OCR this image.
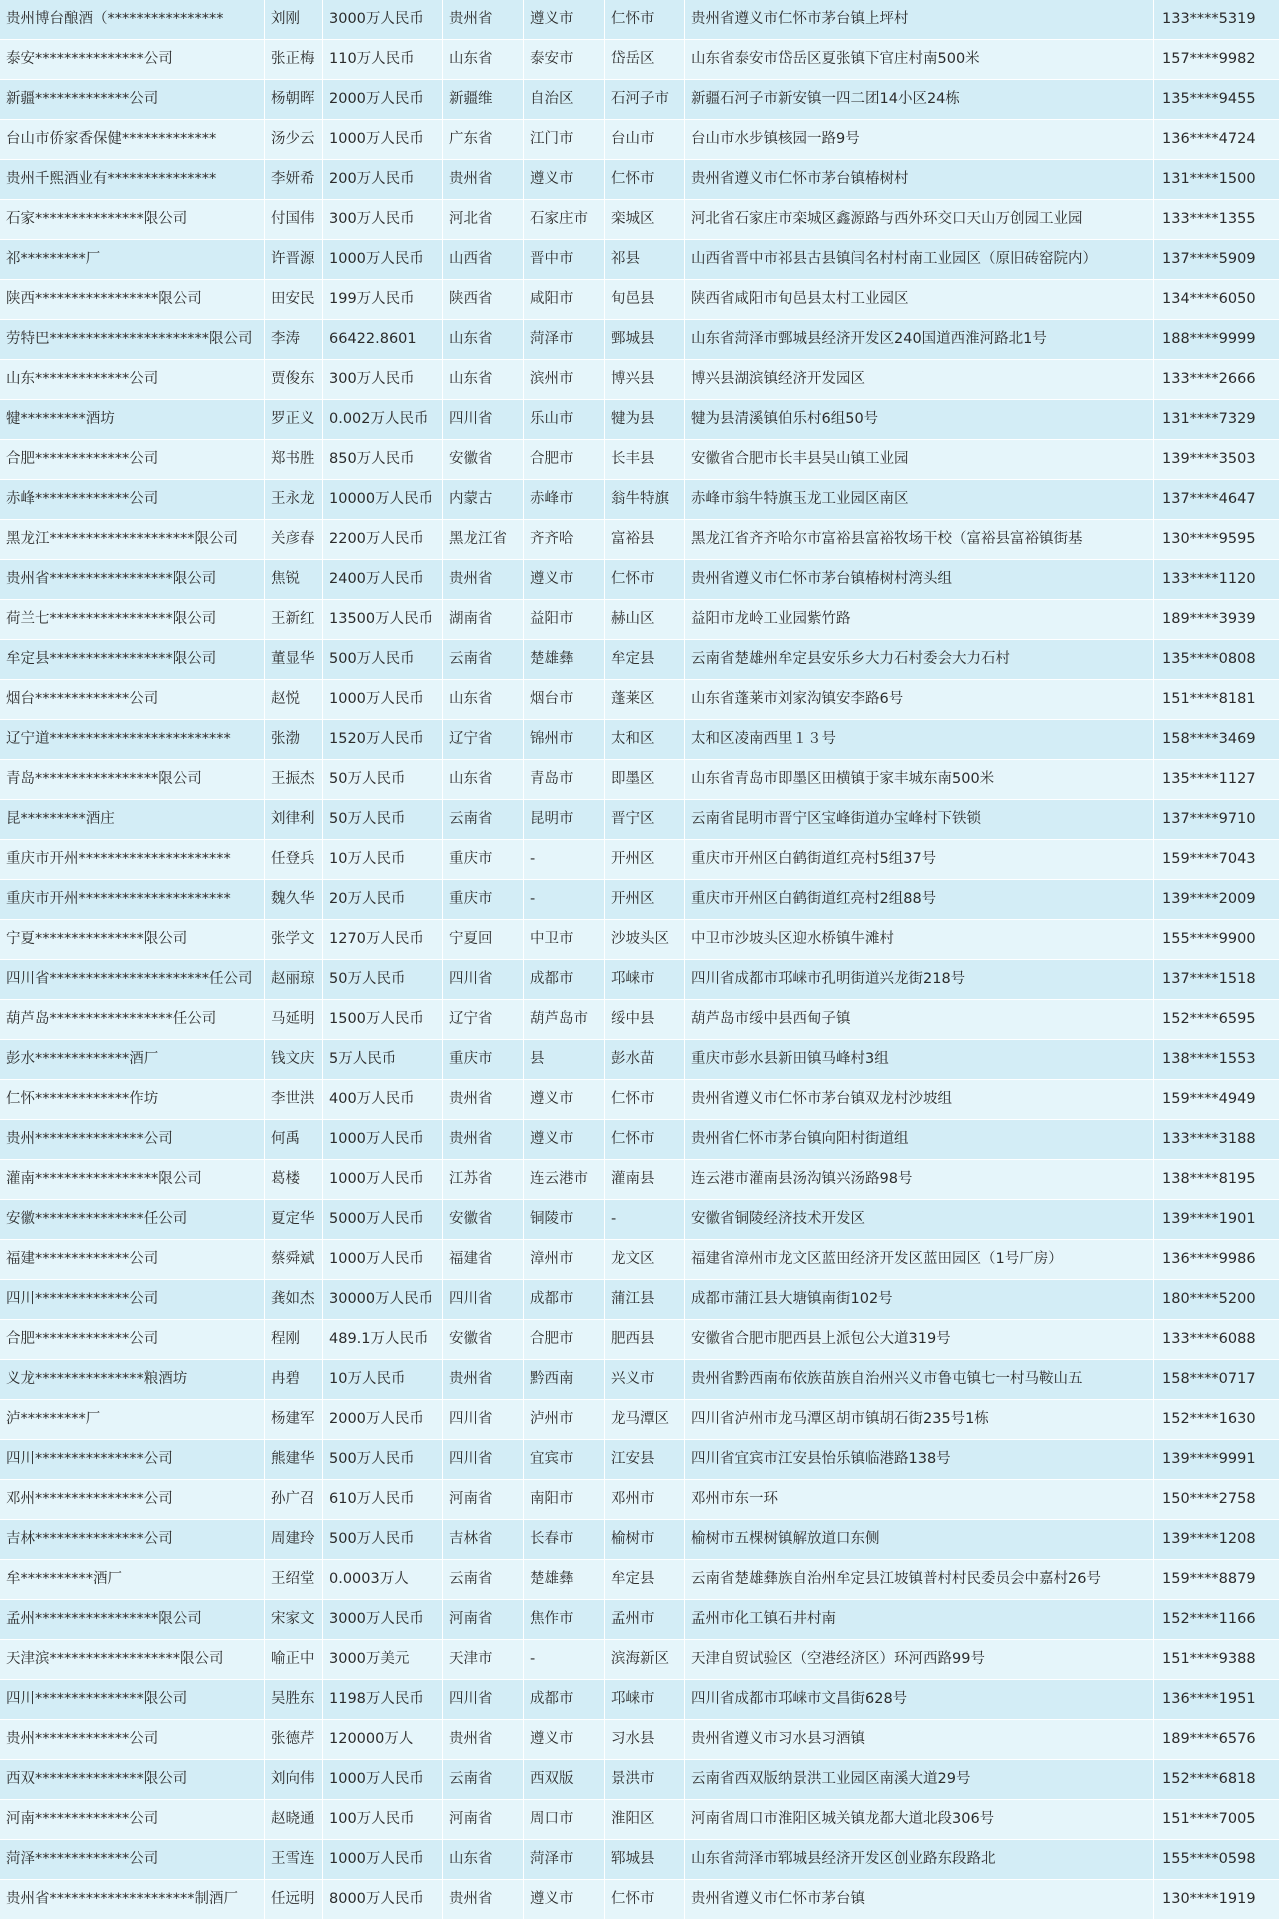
贵州博台酿酒（****************	刘刚	3000万人民币	贵州省	遵义市	仁怀市	贵州省遵义市仁怀市茅台镇上坪村	133****5319
泰安***************公司	张正梅	110万人民币	山东省	泰安市	岱岳区	山东省泰安市岱岳区夏张镇下官庄村南500米	157****9982
新疆*************公司	杨朝晖	2000万人民币	新疆维	自治区	石河子市	新疆石河子市新安镇一四二团14小区24栋	135****9455
台山市侨家香保健*************	汤少云	1000万人民币	广东省	江门市	台山市	台山市水步镇核园一路9号	136****4724
贵州千熙酒业有***************	李妍希	200万人民币	贵州省	遵义市	仁怀市	贵州省遵义市仁怀市茅台镇椿树村	131****1500
石家***************限公司	付国伟	300万人民币	河北省	石家庄市	栾城区	河北省石家庄市栾城区鑫源路与西外环交口天山万创园工业园	133****1355
祁*********厂	许晋源	1000万人民币	山西省	晋中市	祁县	山西省晋中市祁县古县镇闫名村村南工业园区（原旧砖窑院内）	137****5909
陕西*****************限公司	田安民	199万人民币	陕西省	咸阳市	旬邑县	陕西省咸阳市旬邑县太村工业园区	134****6050
劳特巴**********************限公司	李涛	66422.8601	山东省	菏泽市	鄄城县	山东省菏泽市鄄城县经济开发区240国道西淮河路北1号	188****9999
山东*************公司	贾俊东	300万人民币	山东省	滨州市	博兴县	博兴县湖滨镇经济开发园区	133****2666
犍*********酒坊	罗正义	0.002万人民币	四川省	乐山市	犍为县	犍为县清溪镇伯乐村6组50号	131****7329
合肥*************公司	郑书胜	850万人民币	安徽省	合肥市	长丰县	安徽省合肥市长丰县吴山镇工业园	139****3503
赤峰*************公司	王永龙	10000万人民币	内蒙古	赤峰市	翁牛特旗	赤峰市翁牛特旗玉龙工业园区南区	137****4647
黑龙江********************限公司	关彦春	2200万人民币	黑龙江省	齐齐哈	富裕县	黑龙江省齐齐哈尔市富裕县富裕牧场干校（富裕县富裕镇街基	130****9595
贵州省*****************限公司	焦锐	2400万人民币	贵州省	遵义市	仁怀市	贵州省遵义市仁怀市茅台镇椿树村湾头组	133****1120
荷兰七*****************限公司	王新红	13500万人民币	湖南省	益阳市	赫山区	益阳市龙岭工业园紫竹路	189****3939
牟定县*****************限公司	董显华	500万人民币	云南省	楚雄彝	牟定县	云南省楚雄州牟定县安乐乡大力石村委会大力石村	135****0808
烟台*************公司	赵悦	1000万人民币	山东省	烟台市	蓬莱区	山东省蓬莱市刘家沟镇安李路6号	151****8181
辽宁道*************************	张渤	1520万人民币	辽宁省	锦州市	太和区	太和区凌南西里１３号	158****3469
青岛*****************限公司	王振杰	50万人民币	山东省	青岛市	即墨区	山东省青岛市即墨区田横镇于家丰城东南500米	135****1127
昆*********酒庄	刘律利	50万人民币	云南省	昆明市	晋宁区	云南省昆明市晋宁区宝峰街道办宝峰村下铁锁	137****9710
重庆市开州*********************	任登兵	10万人民币	重庆市	-	开州区	重庆市开州区白鹤街道红亮村5组37号	159****7043
重庆市开州*********************	魏久华	20万人民币	重庆市	-	开州区	重庆市开州区白鹤街道红亮村2组88号	139****2009
宁夏***************限公司	张学文	1270万人民币	宁夏回	中卫市	沙坡头区	中卫市沙坡头区迎水桥镇牛滩村	155****9900
四川省**********************任公司	赵丽琼	50万人民币	四川省	成都市	邛崃市	四川省成都市邛崃市孔明街道兴龙街218号	137****1518
葫芦岛*****************任公司	马延明	1500万人民币	辽宁省	葫芦岛市	绥中县	葫芦岛市绥中县西甸子镇	152****6595
彭水*************酒厂	钱文庆	5万人民币	重庆市	县	彭水苗	重庆市彭水县新田镇马峰村3组	138****1553
仁怀*************作坊	李世洪	400万人民币	贵州省	遵义市	仁怀市	贵州省遵义市仁怀市茅台镇双龙村沙坡组	159****4949
贵州***************公司	何禹	1000万人民币	贵州省	遵义市	仁怀市	贵州省仁怀市茅台镇向阳村街道组	133****3188
灌南*****************限公司	葛楼	1000万人民币	江苏省	连云港市	灌南县	连云港市灌南县汤沟镇兴汤路98号	138****8195
安徽***************任公司	夏定华	5000万人民币	安徽省	铜陵市	-	安徽省铜陵经济技术开发区	139****1901
福建*************公司	蔡舜斌	1000万人民币	福建省	漳州市	龙文区	福建省漳州市龙文区蓝田经济开发区蓝田园区（1号厂房）	136****9986
四川*************公司	龚如杰	30000万人民币	四川省	成都市	蒲江县	成都市蒲江县大塘镇南街102号	180****5200
合肥*************公司	程刚	489.1万人民币	安徽省	合肥市	肥西县	安徽省合肥市肥西县上派包公大道319号	133****6088
义龙***************粮酒坊	冉碧	10万人民币	贵州省	黔西南	兴义市	贵州省黔西南布依族苗族自治州兴义市鲁屯镇七一村马鞍山五	158****0717
泸*********厂	杨建军	2000万人民币	四川省	泸州市	龙马潭区	四川省泸州市龙马潭区胡市镇胡石街235号1栋	152****1630
四川***************公司	熊建华	500万人民币	四川省	宜宾市	江安县	四川省宜宾市江安县怡乐镇临港路138号	139****9991
邓州***************公司	孙广召	610万人民币	河南省	南阳市	邓州市	邓州市东一环	150****2758
吉林***************公司	周建玲	500万人民币	吉林省	长春市	榆树市	榆树市五棵树镇解放道口东侧	139****1208
牟**********酒厂	王绍堂	0.0003万人	云南省	楚雄彝	牟定县	云南省楚雄彝族自治州牟定县江坡镇普村村民委员会中嘉村26号	159****8879
孟州*****************限公司	宋家文	3000万人民币	河南省	焦作市	孟州市	孟州市化工镇石井村南	152****1166
天津滨******************限公司	喻正中	3000万美元	天津市	-	滨海新区	天津自贸试验区（空港经济区）环河西路99号	151****9388
四川***************限公司	吴胜东	1198万人民币	四川省	成都市	邛崃市	四川省成都市邛崃市文昌街628号	136****1951
贵州*************公司	张德芹	120000万人	贵州省	遵义市	习水县	贵州省遵义市习水县习酒镇	189****6576
西双***************限公司	刘向伟	1000万人民币	云南省	西双版	景洪市	云南省西双版纳景洪工业园区南溪大道29号	152****6818
河南*************公司	赵晓通	100万人民币	河南省	周口市	淮阳区	河南省周口市淮阳区城关镇龙都大道北段306号	151****7005
菏泽*************公司	王雪连	1000万人民币	山东省	菏泽市	郓城县	山东省菏泽市郓城县经济开发区创业路东段路北	155****0598
贵州省********************制酒厂	任远明	8000万人民币	贵州省	遵义市	仁怀市	贵州省遵义市仁怀市茅台镇	130****1919
